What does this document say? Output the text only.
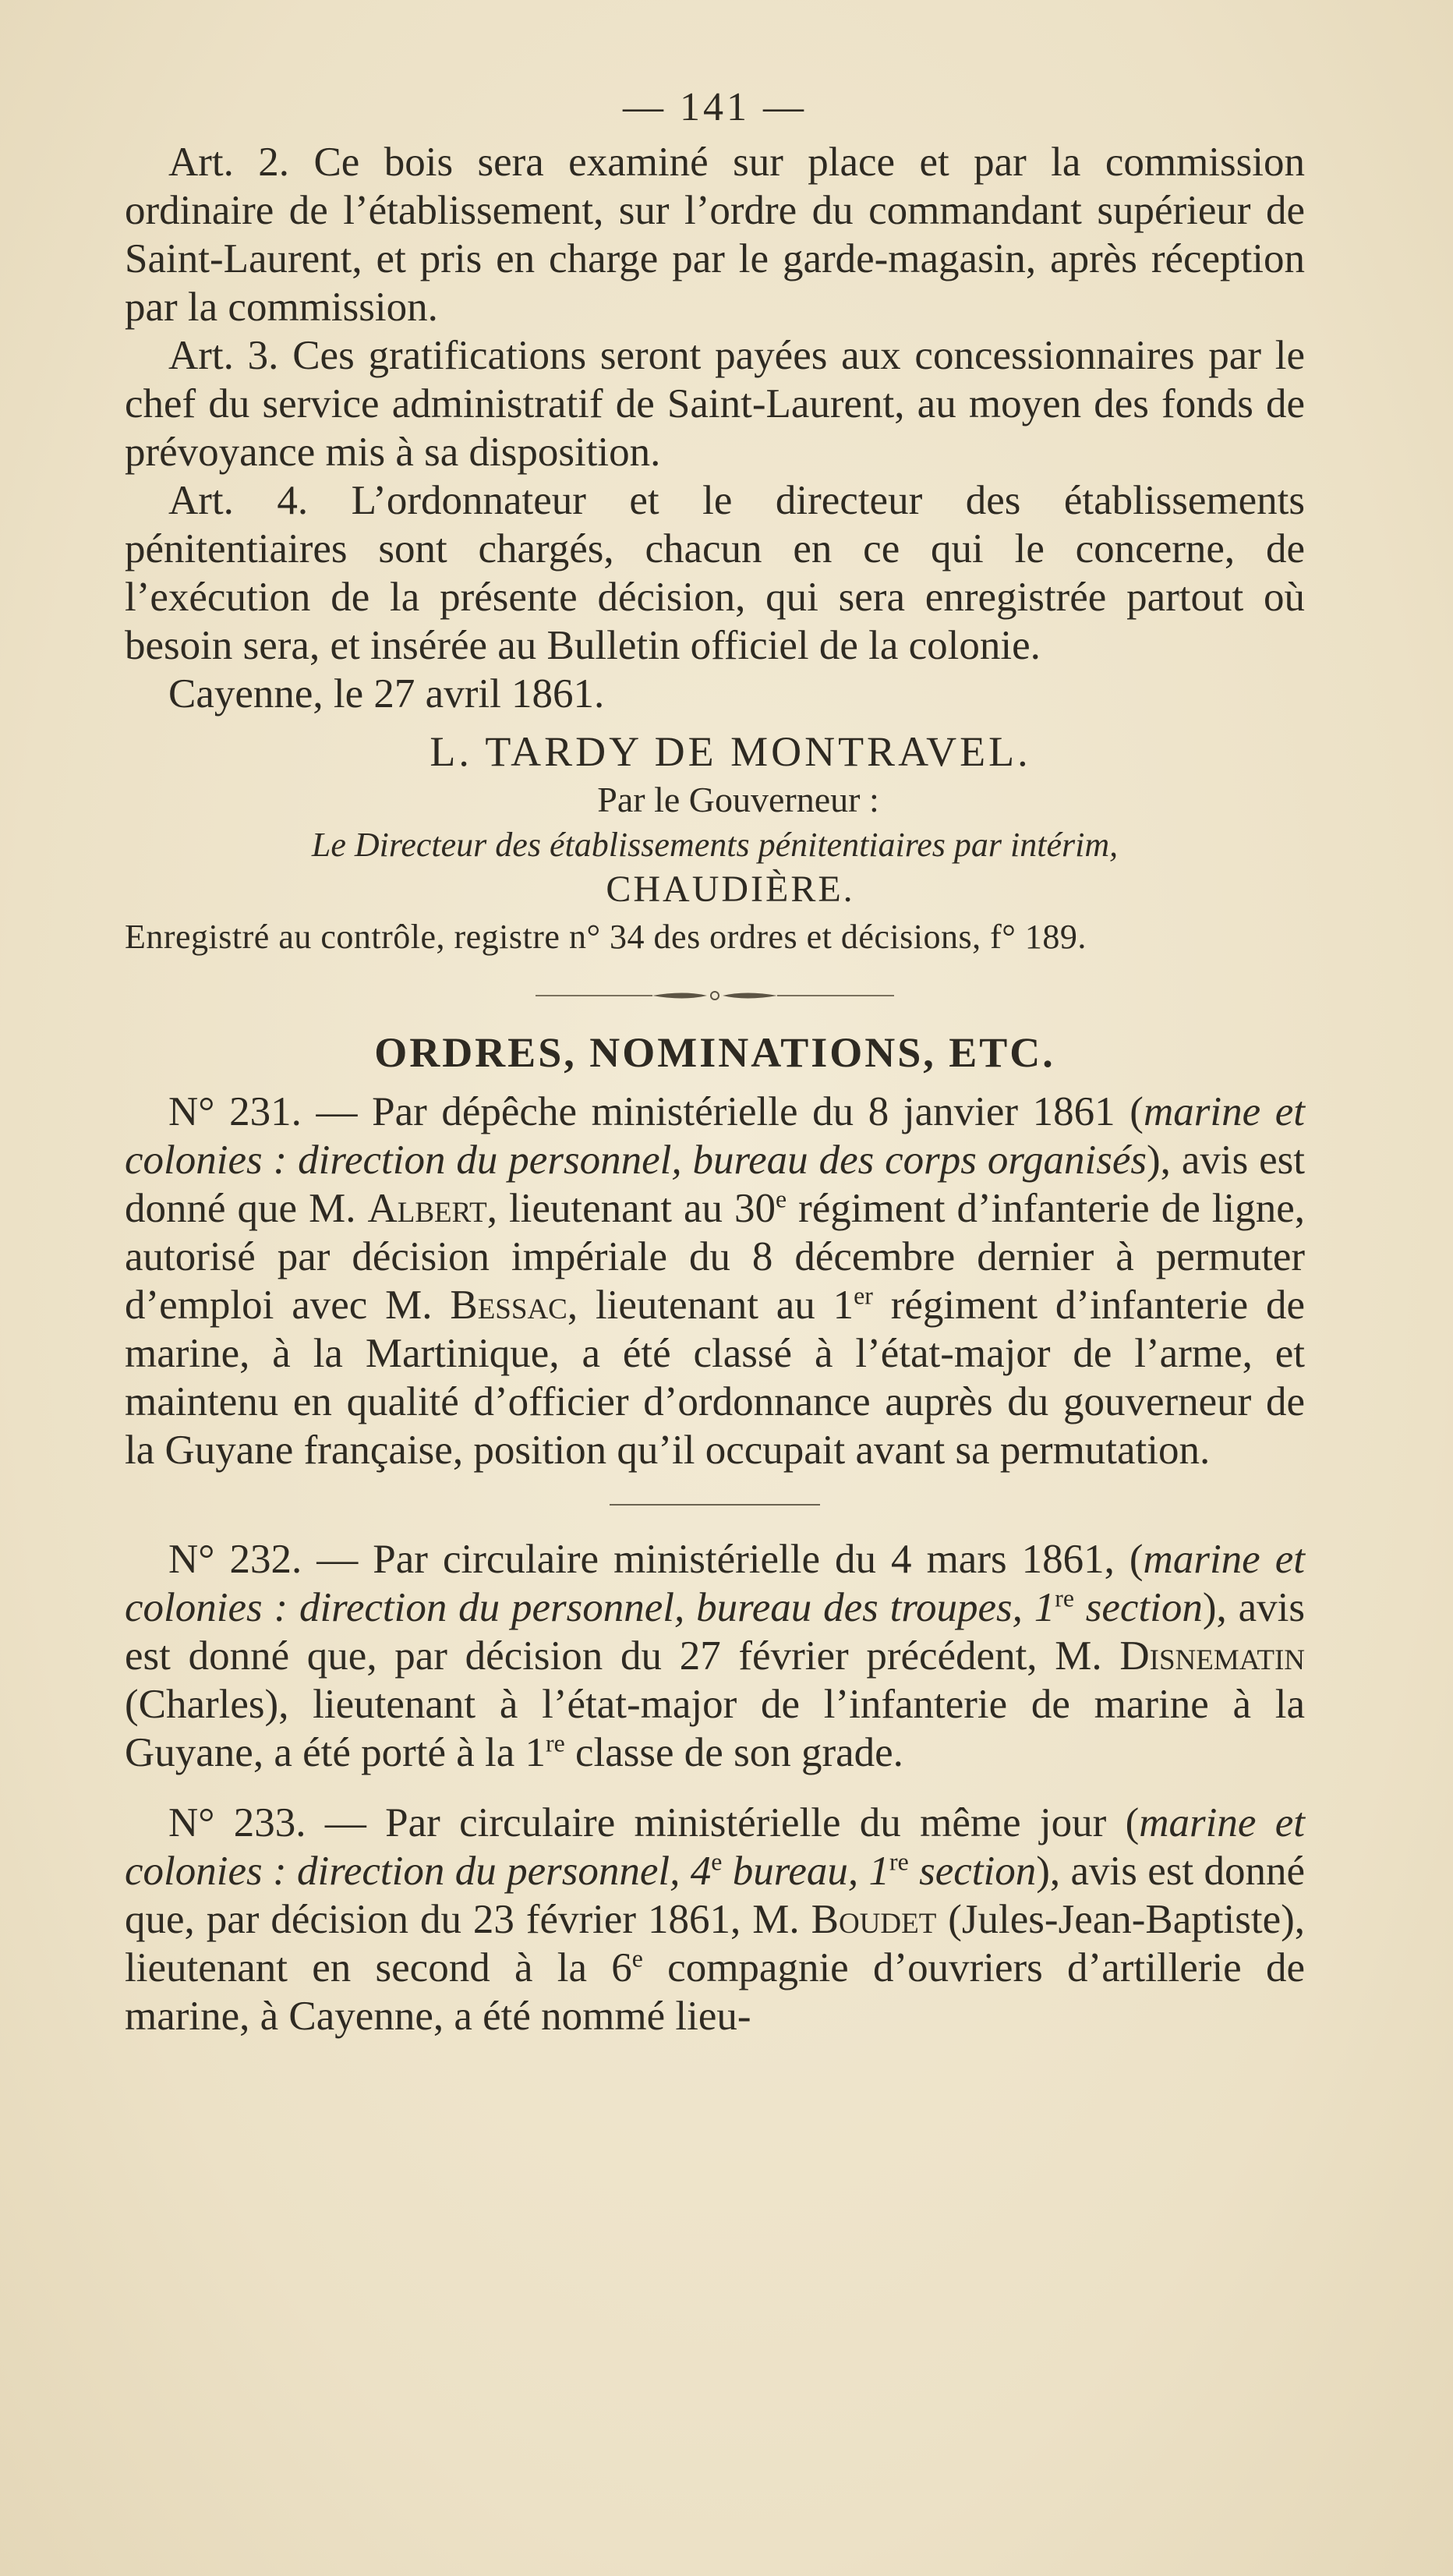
— 141 —

Art. 2. Ce bois sera examiné sur place et par la commission ordinaire de l’établissement, sur l’ordre du commandant supérieur de Saint-Laurent, et pris en charge par le garde-magasin, après réception par la commission.

Art. 3. Ces gratifications seront payées aux concessionnaires par le chef du service administratif de Saint-Laurent, au moyen des fonds de prévoyance mis à sa disposition.

Art. 4. L’ordonnateur et le directeur des établissements pénitentiaires sont chargés, chacun en ce qui le concerne, de l’exécution de la présente décision, qui sera enregistrée partout où besoin sera, et insérée au Bulletin officiel de la colonie.

Cayenne, le 27 avril 1861.

L. TARDY DE MONTRAVEL.
Par le Gouverneur :
Le Directeur des établissements pénitentiaires par intérim,
CHAUDIÈRE.
Enregistré au contrôle, registre n° 34 des ordres et décisions, f° 189.
ORDRES, NOMINATIONS, ETC.

N° 231. — Par dépêche ministérielle du 8 janvier 1861 (marine et colonies : direction du personnel, bureau des corps organisés), avis est donné que M. Albert, lieutenant au 30e régiment d’infanterie de ligne, autorisé par décision impériale du 8 décembre dernier à permuter d’emploi avec M. Bessac, lieutenant au 1er régiment d’infanterie de marine, à la Martinique, a été classé à l’état-major de l’arme, et maintenu en qualité d’officier d’ordonnance auprès du gouverneur de la Guyane française, position qu’il occupait avant sa permutation.

N° 232. — Par circulaire ministérielle du 4 mars 1861, (marine et colonies : direction du personnel, bureau des troupes, 1re section), avis est donné que, par décision du 27 février précédent, M. Disnematin (Charles), lieutenant à l’état-major de l’infanterie de marine à la Guyane, a été porté à la 1re classe de son grade.

N° 233. — Par circulaire ministérielle du même jour (marine et colonies : direction du personnel, 4e bureau, 1re section), avis est donné que, par décision du 23 février 1861, M. Boudet (Jules-Jean-Baptiste), lieutenant en second à la 6e compagnie d’ouvriers d’artillerie de marine, à Cayenne, a été nommé lieu-
